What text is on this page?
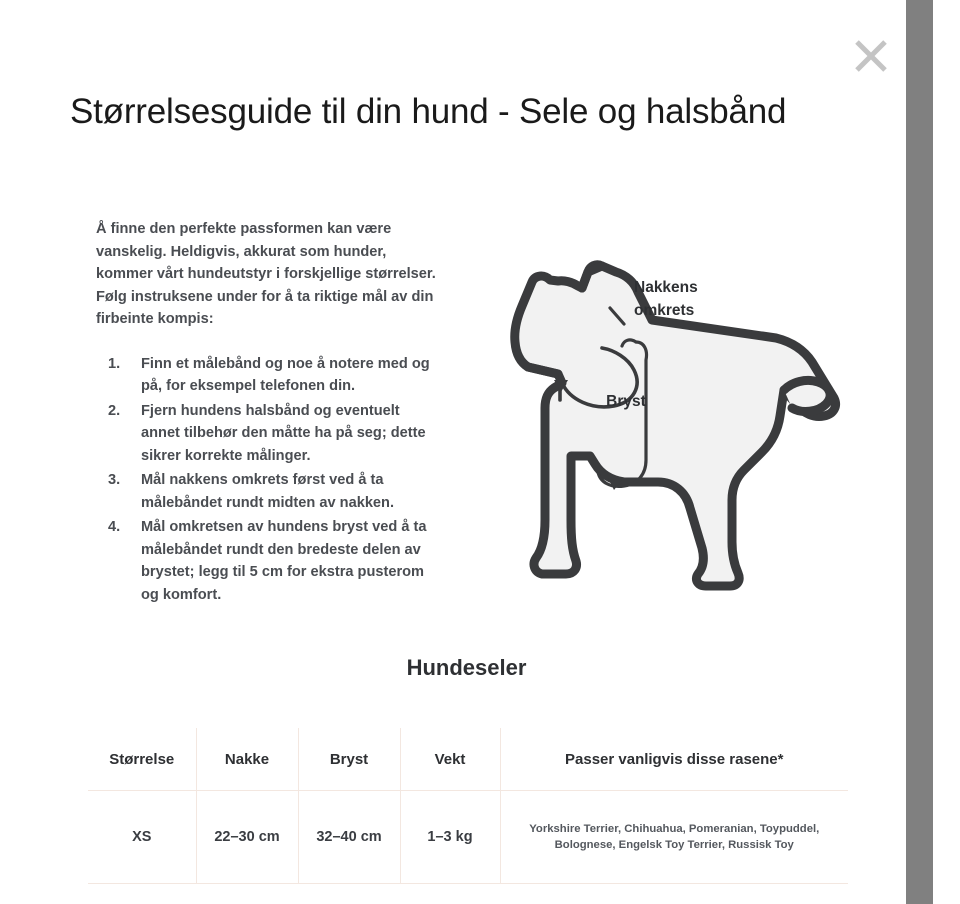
Størrelsesguide til din hund - Sele og halsbånd

Å finne den perfekte passformen kan være vanskelig. Heldigvis, akkurat som hunder, kommer vårt hundeutstyr i forskjellige størrelser. Følg instruksene under for å ta riktige mål av din firbeinte kompis:

1. Finn et målebånd og noe å notere med og på, for eksempel telefonen din.
2. Fjern hundens halsbånd og eventuelt annet tilbehør den måtte ha på seg; dette sikrer korrekte målinger.
3. Mål nakkens omkrets først ved å ta målebåndet rundt midten av nakken.
4. Mål omkretsen av hundens bryst ved å ta målebåndet rundt den bredeste delen av brystet; legg til 5 cm for ekstra pusterom og komfort.
Nakkens
omkrets
Bryst
Hundeseler
Størrelse	Nakke	Bryst	Vekt	Passer vanligvis disse rasene*
XS	22–30 cm	32–40 cm	1–3 kg	Yorkshire Terrier, Chihuahua, Pomeranian, Toypuddel, Bolognese, Engelsk Toy Terrier, Russisk Toy
